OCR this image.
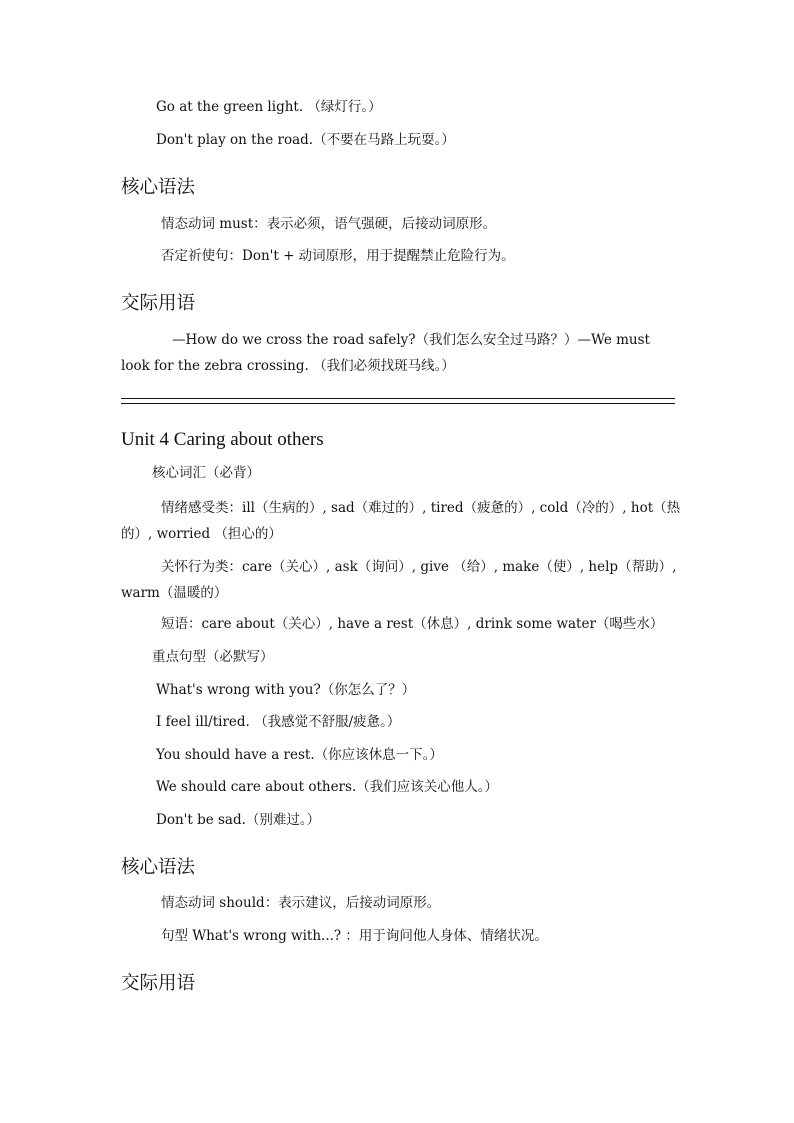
Go at the green light. （绿灯行。）
Don't play on the road.（不要在马路上玩耍。）
核心语法
情态动词 must：表示必须，语气强硬，后接动词原形。
否定祈使句：Don't + 动词原形，用于提醒禁止危险行为。
交际用语
—How do we cross the road safely?（我们怎么安全过马路？）—We must look for the zebra crossing. （我们必须找斑马线。）
Unit 4 Caring about others
核心词汇（必背）
情绪感受类：ill（生病的）, sad（难过的）, tired（疲惫的）, cold（冷的）, hot（热的）, worried （担心的）
关怀行为类：care（关心）, ask（询问）, give （给）, make（使）, help（帮助）, warm（温暖的）
短语：care about（关心）, have a rest（休息）, drink some water（喝些水）
重点句型（必默写）
What's wrong with you?（你怎么了？）
I feel ill/tired. （我感觉不舒服/疲惫。）
You should have a rest.（你应该休息一下。）
We should care about others.（我们应该关心他人。）
Don't be sad.（别难过。）
核心语法
情态动词 should：表示建议，后接动词原形。
句型 What's wrong with...? ：用于询问他人身体、情绪状况。
交际用语
